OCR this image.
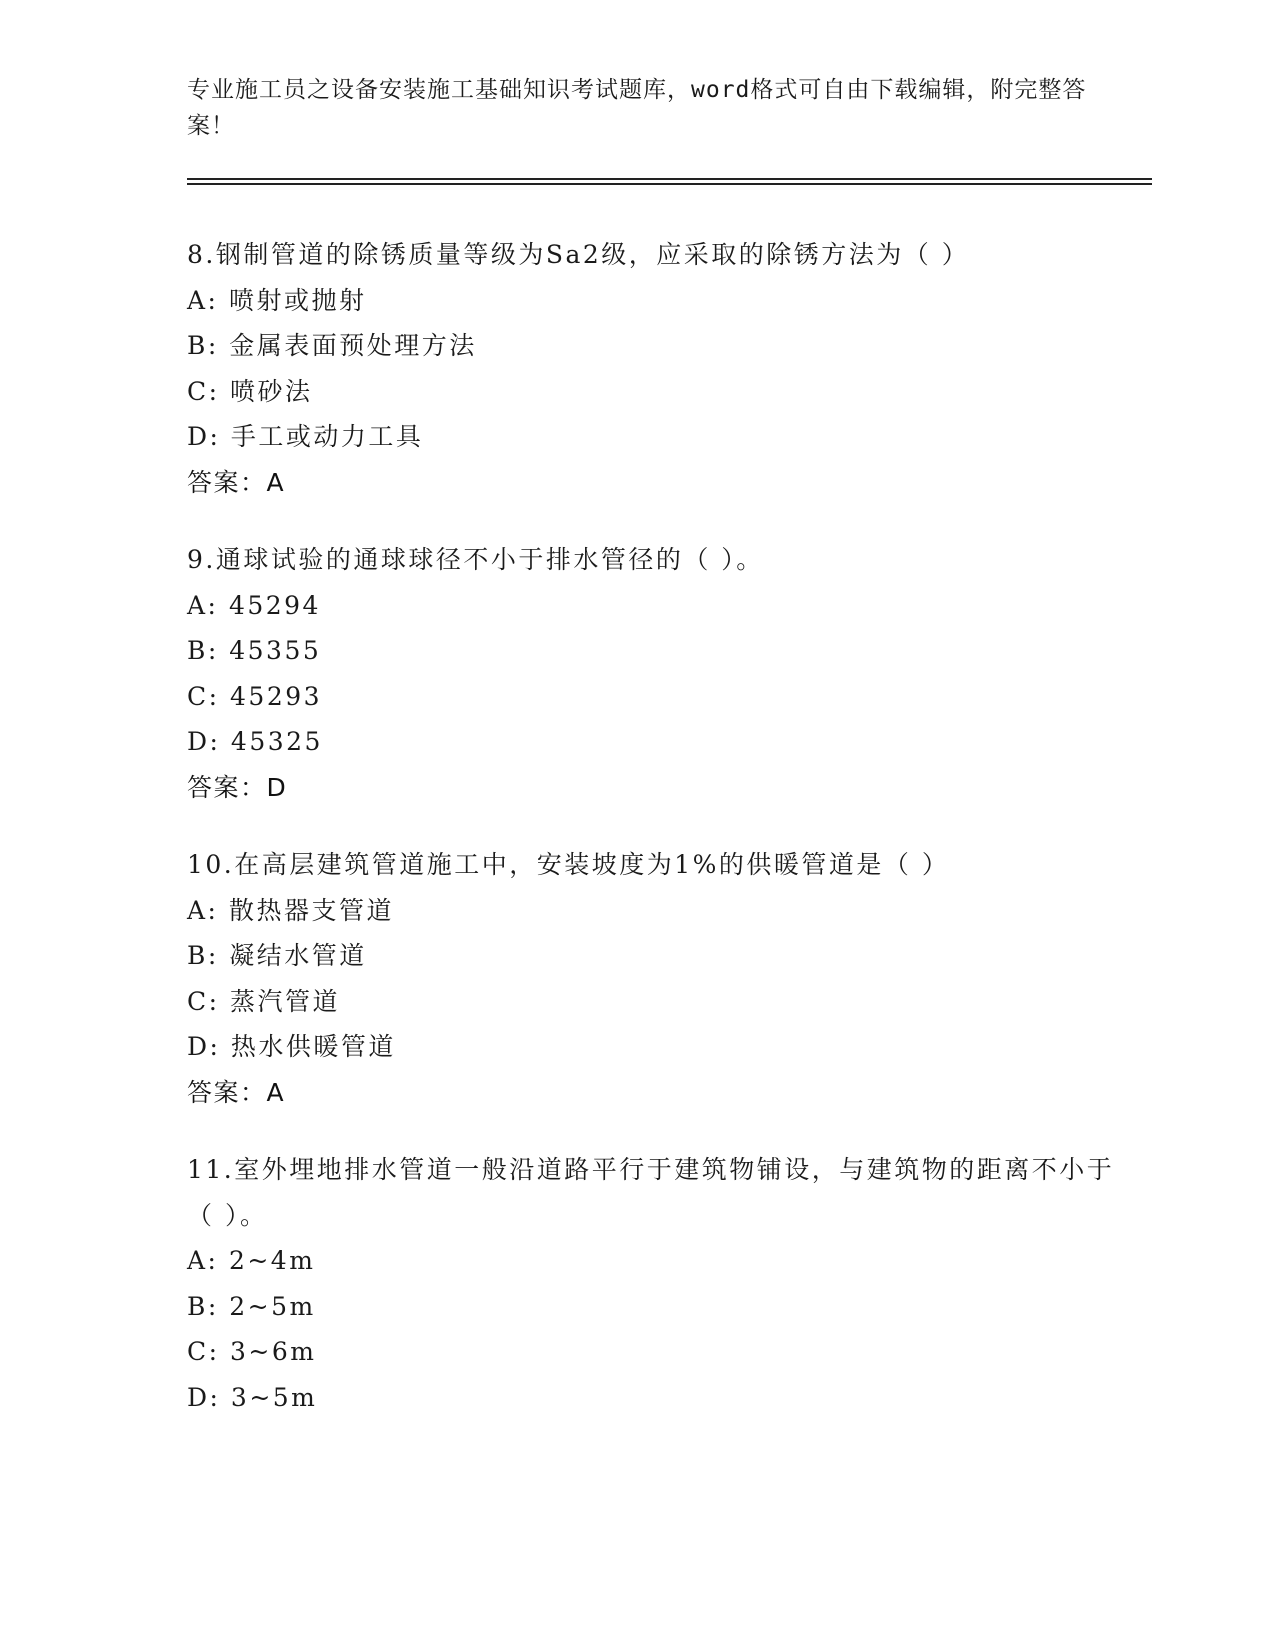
专业施工员之设备安装施工基础知识考试题库，word格式可自由下载编辑，附完整答案！

8.钢制管道的除锈质量等级为Sa2级，应采取的除锈方法为（ ）

A: 喷射或抛射

B: 金属表面预处理方法

C: 喷砂法

D: 手工或动力工具

答案：A

9.通球试验的通球球径不小于排水管径的（ ）。

A: 45294

B: 45355

C: 45293

D: 45325

答案：D

10.在高层建筑管道施工中，安装坡度为1%的供暖管道是（ ）

A: 散热器支管道

B: 凝结水管道

C: 蒸汽管道

D: 热水供暖管道

答案：A

11.室外埋地排水管道一般沿道路平行于建筑物铺设，与建筑物的距离不小于（ ）。

A: 2~4m

B: 2~5m

C: 3~6m

D: 3~5m
